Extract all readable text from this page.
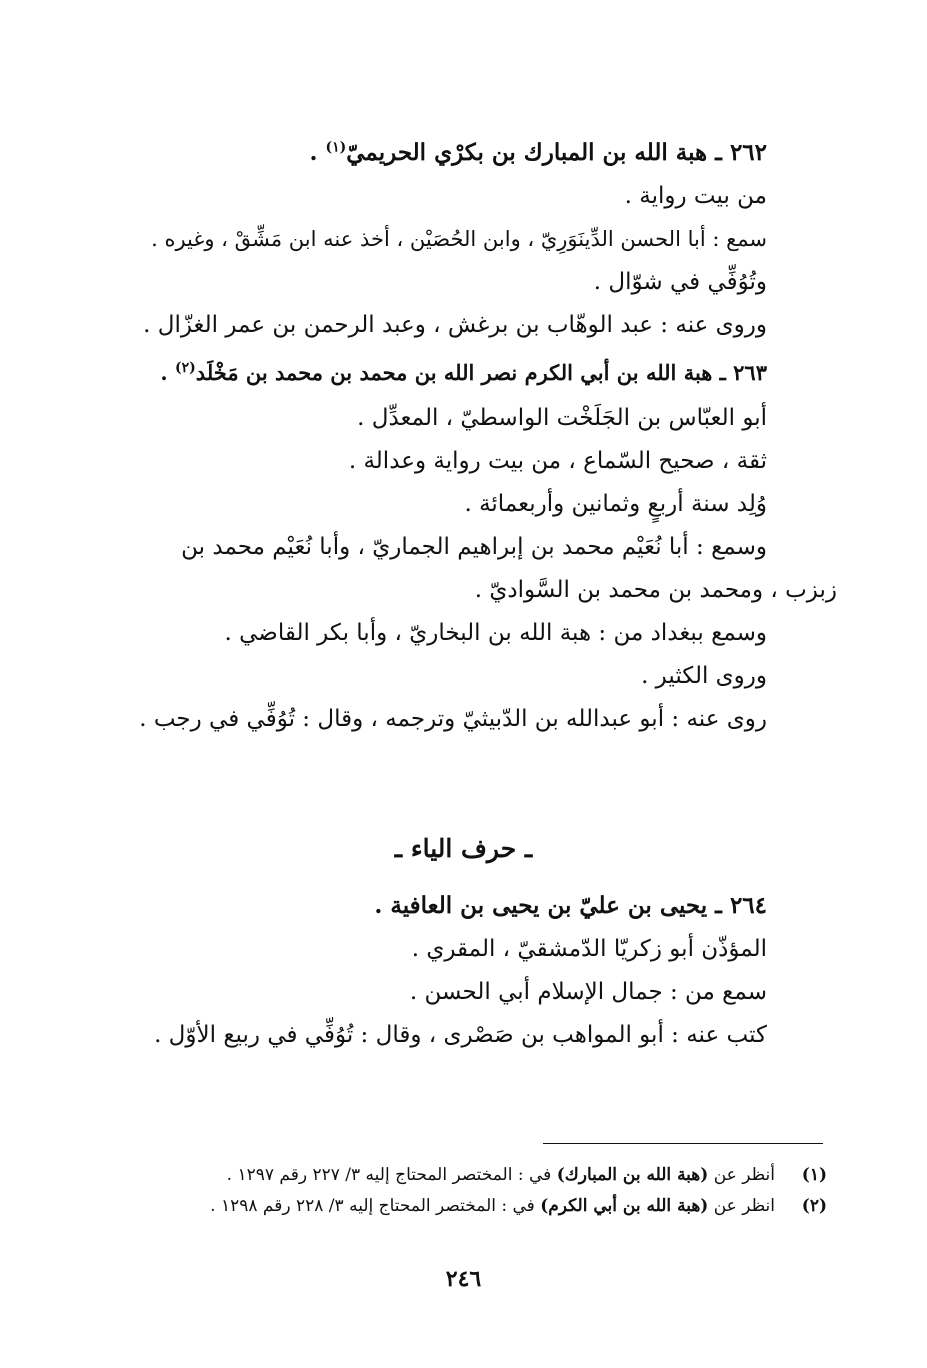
٢٦٢ ـ هبة الله بن المبارك بن بكرْي الحريميّ$^{(١)}$ .
من بيت رواية .
سمع : أبا الحسن الدِّينَوَرِيّ ، وابن الحُصَيْن ، أخذ عنه ابن مَشِّقْ ، وغيره .
وتُوُفِّي في شوّال .
وروى عنه : عبد الوهّاب بن برغش ، وعبد الرحمن بن عمر الغزّال .
٢٦٣ ـ هبة الله بن أبي الكرم نصر الله بن محمد بن محمد بن مَخْلَد$^{(٢)}$ .
أبو العبّاس بن الجَلَخْت الواسطيّ ، المعدِّل .
ثقة ، صحيح السّماع ، من بيت رواية وعدالة .
وُلِد سنة أربعٍ وثمانين وأربعمائة .
وسمع : أبا نُعَيْم محمد بن إبراهيم الجماريّ ، وأبا نُعَيْم محمد بن
زبزب ، ومحمد بن محمد بن السَّواديّ .
وسمع ببغداد من : هبة الله بن البخاريّ ، وأبا بكر القاضي .
وروى الكثير .
روى عنه : أبو عبدالله بن الدّبيثيّ وترجمه ، وقال : تُوُفِّي في رجب .
ـ حرف الياء ـ
٢٦٤ ـ يحيى بن عليّ بن يحيى بن العافية .
المؤذّن أبو زكريّا الدّمشقيّ ، المقري .
سمع من : جمال الإسلام أبي الحسن .
كتب عنه : أبو المواهب بن صَصْرى ، وقال : تُوُفِّي في ربيع الأوّل .
(١)أنظر عن (هبة الله بن المبارك) في : المختصر المحتاج إليه ٣/ ٢٢٧ رقم ١٢٩٧ .
(٢)انظر عن (هبة الله بن أبي الكرم) في : المختصر المحتاج إليه ٣/ ٢٢٨ رقم ١٢٩٨ .
٢٤٦
